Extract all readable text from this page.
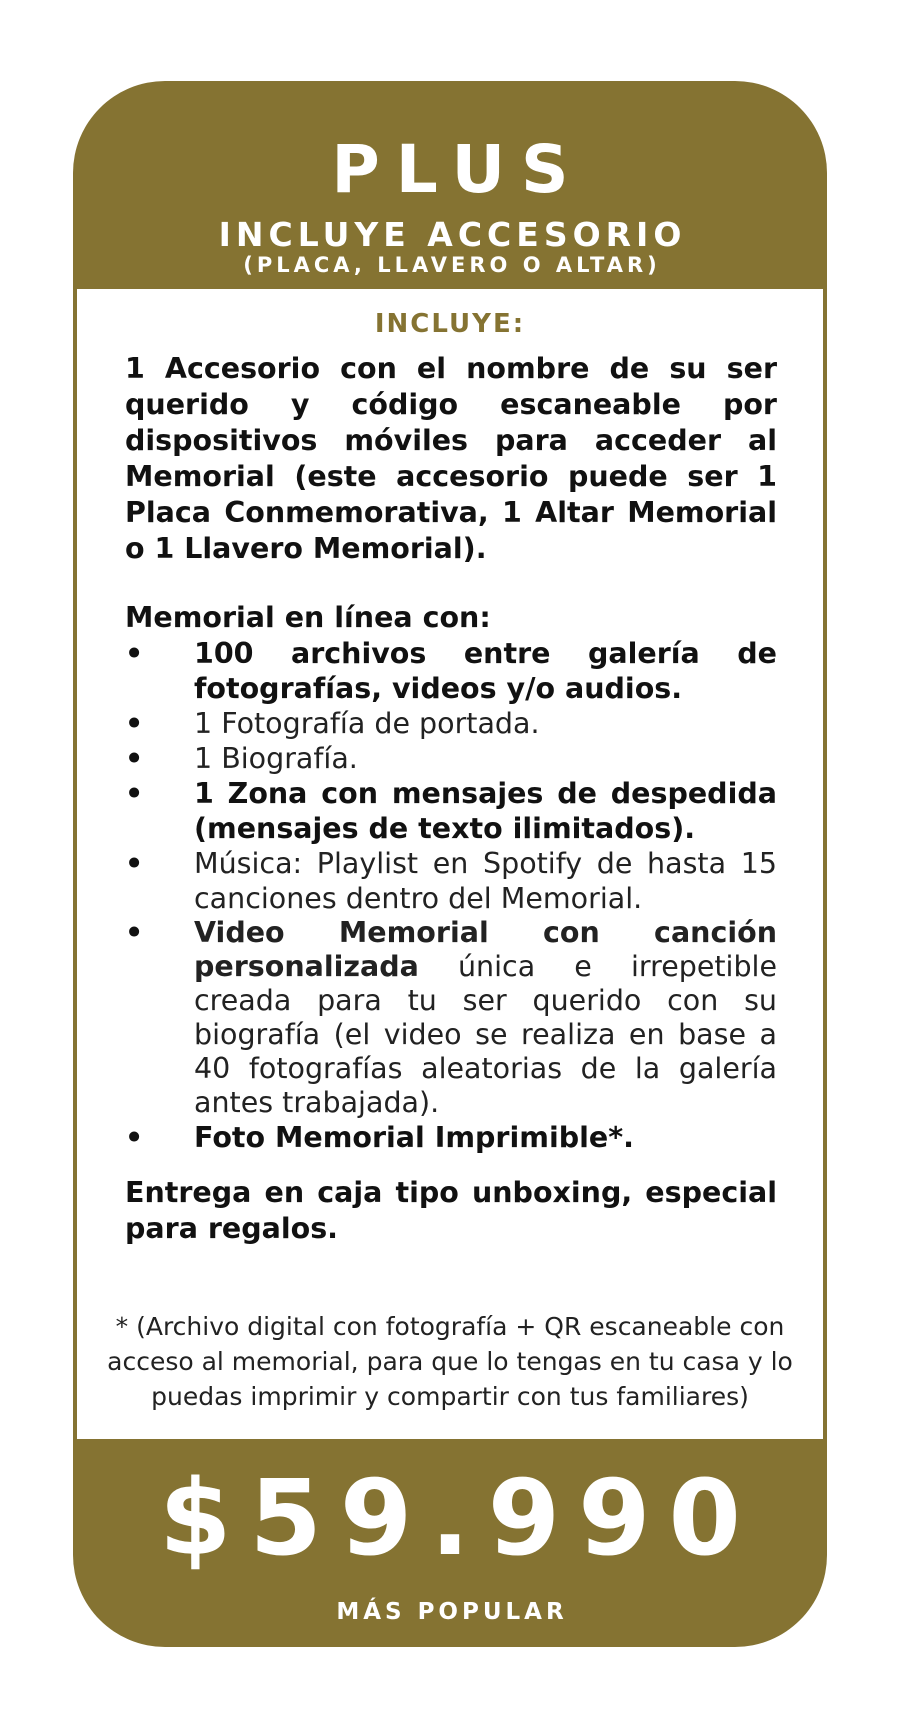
PLUS
INCLUYE ACCESORIO
(PLACA, LLAVERO O ALTAR)
INCLUYE:
1 Accesorio con el nombre de su ser querido y código escaneable por dispositivos móviles para acceder al Memorial (este accesorio puede ser 1 Placa Conmemorativa, 1 Altar Memorial o 1 Llavero Memorial).
Memorial en línea con:
• 100 archivos entre galería de fotografías, videos y/o audios.
• 1 Fotografía de portada.
• 1 Biografía.
• 1 Zona con mensajes de despedida (mensajes de texto ilimitados).
• Música: Playlist en Spotify de hasta 15 canciones dentro del Memorial.
• Video Memorial con canción personalizada única e irrepetible creada para tu ser querido con su biografía (el video se realiza en base a 40 fotografías aleatorias de la galería antes trabajada).
• Foto Memorial Imprimible*.
Entrega en caja tipo unboxing, especial para regalos.
* (Archivo digital con fotografía + QR escaneable con acceso al memorial, para que lo tengas en tu casa y lo puedas imprimir y compartir con tus familiares)
$59.990
MÁS POPULAR
